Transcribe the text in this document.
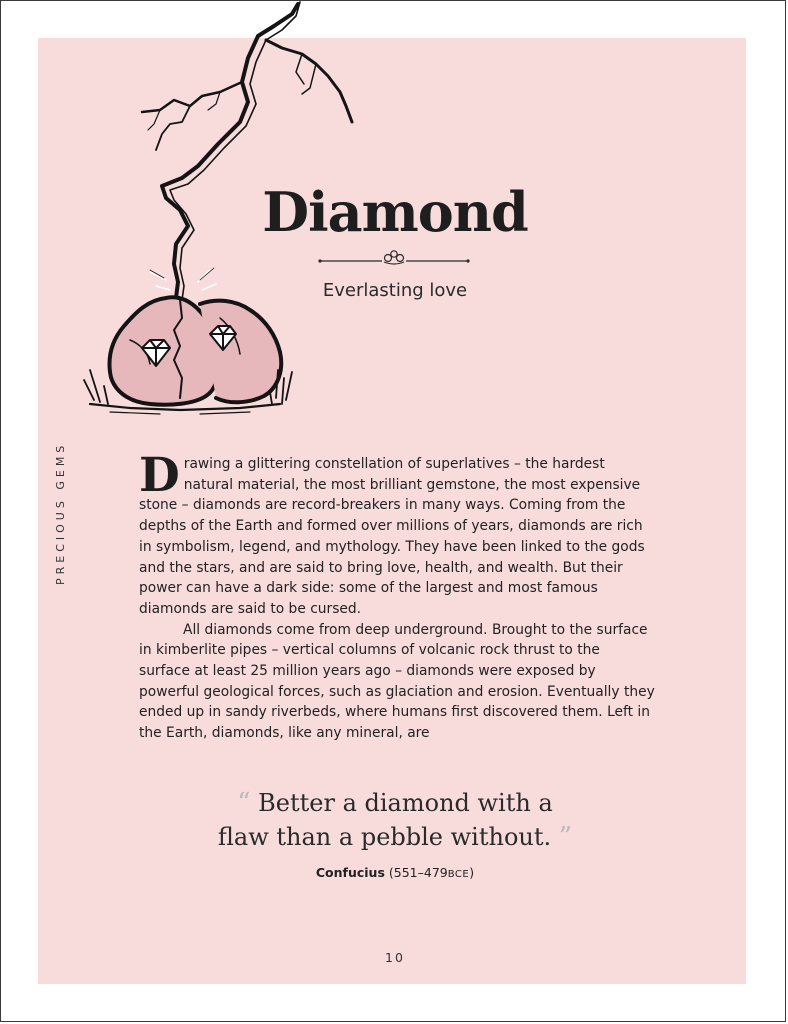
Diamond
Everlasting love
PRECIOUS GEMS Drawing a glittering constellation of superlatives – the hardest natural material, the most brilliant gemstone, the most expensive stone – diamonds are record-breakers in many ways. Coming from the depths of the Earth and formed over millions of years, diamonds are rich in symbolism, legend, and mythology. They have been linked to the gods and the stars, and are said to bring love, health, and wealth. But their power can have a dark side: some of the largest and most famous diamonds are said to be cursed.

All diamonds come from deep underground. Brought to the surface in kimberlite pipes – vertical columns of volcanic rock thrust to the surface at least 25 million years ago – diamonds were exposed by powerful geological forces, such as glaciation and erosion. Eventually they ended up in sandy riverbeds, where humans first discovered them. Left in the Earth, diamonds, like any mineral, are

“ Better a diamond with a
flaw than a pebble without. ”
Confucius (551–479BCE)
10
